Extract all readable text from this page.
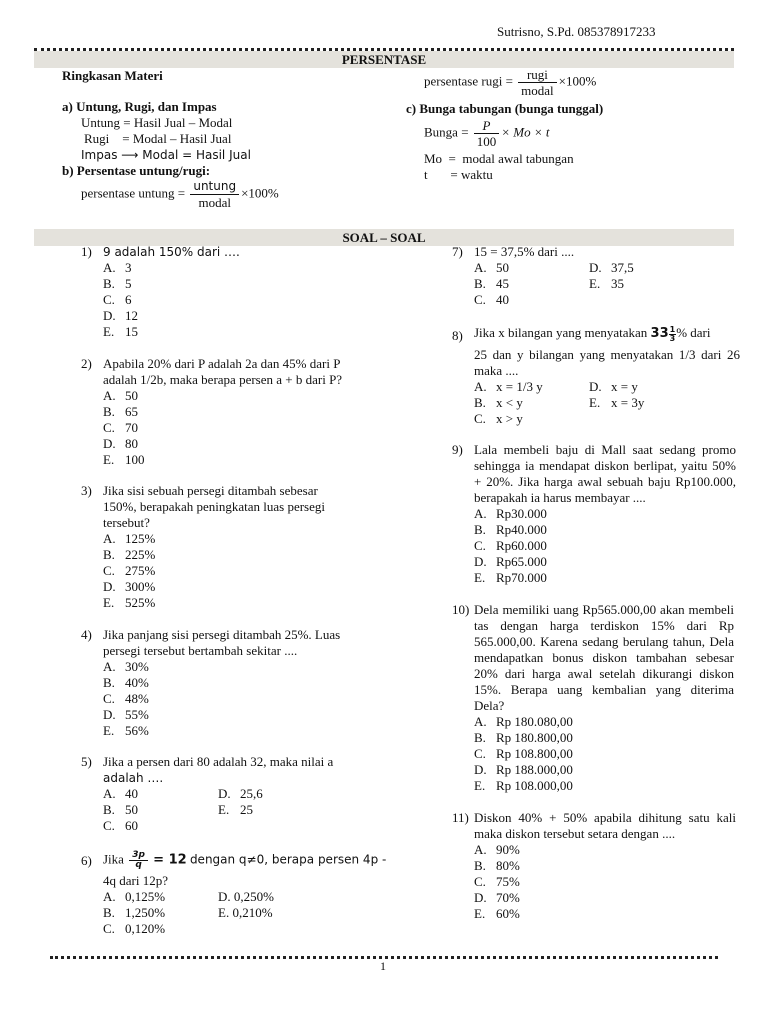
Sutrisno, S.Pd. 085378917233
PERSENTASE
Ringkasan Materi
a) Untung, Rugi, dan Impas
Untung = Hasil Jual – Modal
Rugi    = Modal – Hasil Jual
Impas ⟶ Modal = Hasil Jual
b) Persentase untung/rugi:
persentase untung = $\frac{\text{untung}}{\text{modal}} \times 100\%$
persentase rugi = $\frac{\text{rugi}}{\text{modal}} \times 100\%$
c) Bunga tabungan (bunga tunggal)
Bunga = $\frac{P}{100} \times Mo \times t$
Mo  =  modal awal tabungan
t       = waktu
SOAL – SOAL
1) 9 adalah 150% dari ….
A. 3
B. 5
C. 6
D. 12
E. 15
2) Apabila 20% dari P adalah 2a dan 45% dari P adalah 1/2b, maka berapa persen a + b dari P?
A. 50
B. 65
C. 70
D. 80
E. 100
3) Jika sisi sebuah persegi ditambah sebesar 150%, berapakah peningkatan luas persegi tersebut?
A. 125%
B. 225%
C. 275%
D. 300%
E. 525%
4) Jika panjang sisi persegi ditambah 25%. Luas persegi tersebut bertambah sekitar ....
A. 30%
B. 40%
C. 48%
D. 55%
E. 56%
5) Jika a persen dari 80 adalah 32, maka nilai a
adalah ….
A. 40	D. 25,6
B. 50	E. 25
C. 60
6) Jika $\frac{3p}{q} = 12$ dengan q≠0, berapa persen 4p -
4q dari 12p?
A. 0,125%	D. 0,250%
B. 1,250%	E. 0,210%
C. 0,120%
7) 15 = 37,5% dari ....
A. 50	D. 37,5
B. 45	E. 35
C. 40
8) Jika x bilangan yang menyatakan $33 \frac{1}{3}$ % dari
25 dan y bilangan yang menyatakan 1/3 dari 26 maka ....
A. x = 1/3 y	D. x = y
B. x < y	E. x = 3y
C. x > y
9) Lala membeli baju di Mall saat sedang promo sehingga ia mendapat diskon berlipat, yaitu 50% + 20%. Jika harga awal sebuah baju Rp100.000, berapakah ia harus membayar ....
A. Rp30.000
B. Rp40.000
C. Rp60.000
D. Rp65.000
E. Rp70.000
10) Dela memiliki uang Rp565.000,00 akan membeli tas dengan harga terdiskon 15% dari Rp 565.000,00. Karena sedang berulang tahun, Dela mendapatkan bonus diskon tambahan sebesar 20% dari harga awal setelah dikurangi diskon 15%. Berapa uang kembalian yang diterima Dela?
A. Rp 180.080,00
B. Rp 180.800,00
C. Rp 108.800,00
D. Rp 188.000,00
E. Rp 108.000,00
11) Diskon 40% + 50% apabila dihitung satu kali maka diskon tersebut setara dengan ....
A. 90%
B. 80%
C. 75%
D. 70%
E. 60%
1
